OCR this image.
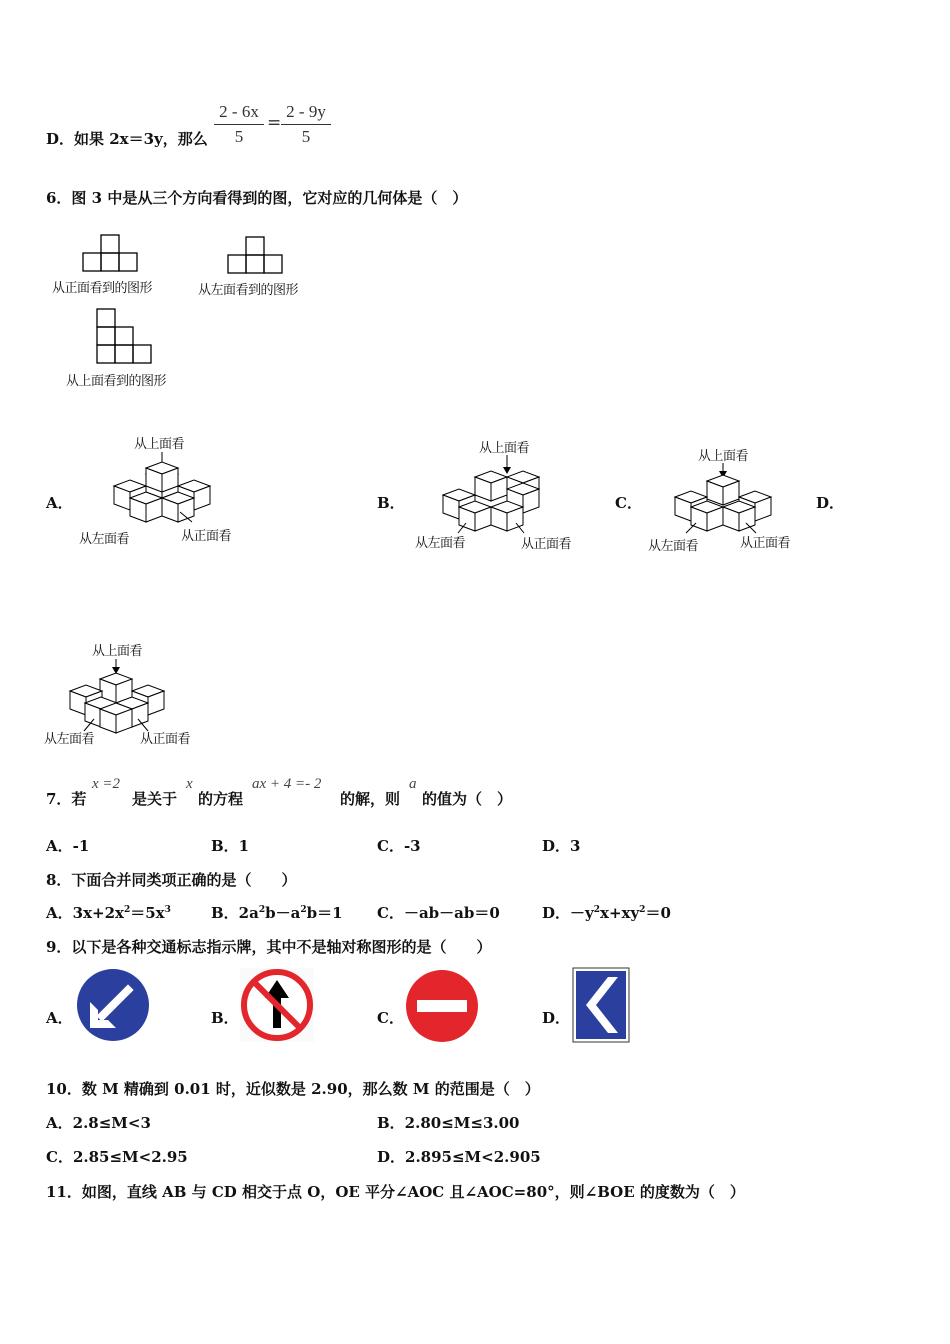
D．如果 2x＝3y，那么 $\frac{2 - 6x}{5} = \frac{2 - 9y}{5}$
6．图 3 中是从三个方向看得到的图，它对应的几何体是（　）
从正面看到的图形	从左面看到的图形
从上面看到的图形
A．
从上面看
从左面看	从正面看
B．
从上面看
从左面看	从正面看
C．
从上面看
从左面看	从正面看
D．
从上面看
从左面看	从正面看
7．若
x =2
是关于
x
的方程
ax + 4 =- 2
的解，则
a
的值为（　）
A．-1	B．1	C．-3	D．3
8．下面合并同类项正确的是（　　）
A．$3x+2x^2=5x^3$	B．$2a^2b-a^2b=1$ C．－ab－ab＝0	D．$-y^2x+xy^2=0$
9．以下是各种交通标志指示牌，其中不是轴对称图形的是（　　）
A．	B．	C．	D．
10．数 M 精确到 0.01 时，近似数是 2.90，那么数 M 的范围是（　）
A．2.8≤M<3	B．2.80≤M≤3.00
C．2.85≤M<2.95	D．2.895≤M<2.905
11．如图，直线 AB 与 CD 相交于点 O，OE 平分∠AOC 且∠AOC=80°，则∠BOE 的度数为（　）
